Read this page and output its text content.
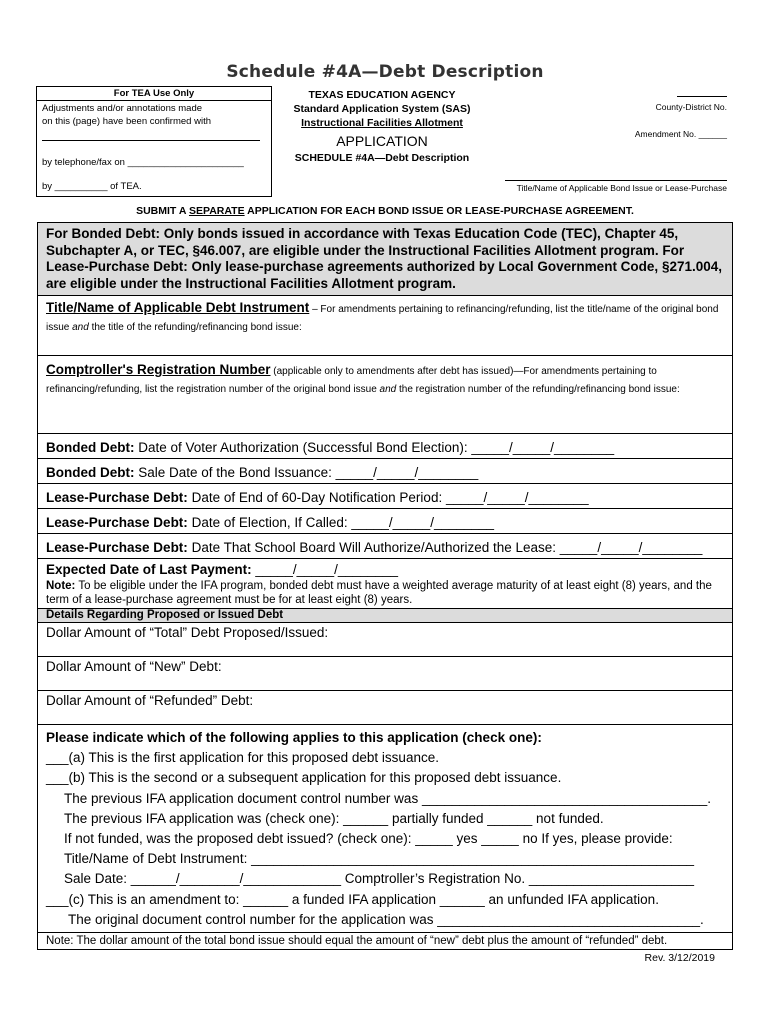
Schedule #4A—Debt Description
For TEA Use Only
Adjustments and/or annotations made
on this (page) have been confirmed with
by telephone/fax on ______________________
by __________ of TEA.
TEXAS EDUCATION AGENCY
Standard Application System (SAS)
Instructional Facilities Allotment
APPLICATION
SCHEDULE #4A—Debt Description
County-District No.
Amendment No. ______
Title/Name of Applicable Bond Issue or Lease-Purchase
SUBMIT A SEPARATE APPLICATION FOR EACH BOND ISSUE OR LEASE-PURCHASE AGREEMENT.
For Bonded Debt: Only bonds issued in accordance with Texas Education Code (TEC), Chapter 45, Subchapter A, or TEC, §46.007, are eligible under the Instructional Facilities Allotment program. For Lease-Purchase Debt: Only lease-purchase agreements authorized by Local Government Code, §271.004, are eligible under the Instructional Facilities Allotment program.
Title/Name of Applicable Debt Instrument – For amendments pertaining to refinancing/refunding, list the title/name of the original bond issue and the title of the refunding/refinancing bond issue:
Comptroller's Registration Number (applicable only to amendments after debt has issued)—For amendments pertaining to refinancing/refunding, list the registration number of the original bond issue and the registration number of the refunding/refinancing bond issue:
Bonded Debt: Date of Voter Authorization (Successful Bond Election): _____/_____/________
Bonded Debt: Sale Date of the Bond Issuance: _____/_____/________
Lease-Purchase Debt: Date of End of 60-Day Notification Period: _____/_____/________
Lease-Purchase Debt: Date of Election, If Called: _____/_____/________
Lease-Purchase Debt: Date That School Board Will Authorize/Authorized the Lease: _____/_____/________
Expected Date of Last Payment: _____/_____/________
Note: To be eligible under the IFA program, bonded debt must have a weighted average maturity of at least eight (8) years, and the term of a lease-purchase agreement must be for at least eight (8) years.
Details Regarding Proposed or Issued Debt
Dollar Amount of “Total” Debt Proposed/Issued:
Dollar Amount of “New” Debt:
Dollar Amount of “Refunded” Debt:
Please indicate which of the following applies to this application (check one):
___(a) This is the first application for this proposed debt issuance.
___(b) This is the second or a subsequent application for this proposed debt issuance.
The previous IFA application document control number was ______________________________________.
The previous IFA application was (check one): ______ partially funded ______ not funded.
If not funded, was the proposed debt issued? (check one): _____ yes _____ no If yes, please provide:
Title/Name of Debt Instrument: ___________________________________________________________
Sale Date: ______/________/_____________ Comptroller’s Registration No. ______________________
___(c) This is an amendment to: ______ a funded IFA application ______ an unfunded IFA application.
The original document control number for the application was ___________________________________.
Note: The dollar amount of the total bond issue should equal the amount of “new” debt plus the amount of “refunded” debt.
Rev. 3/12/2019
